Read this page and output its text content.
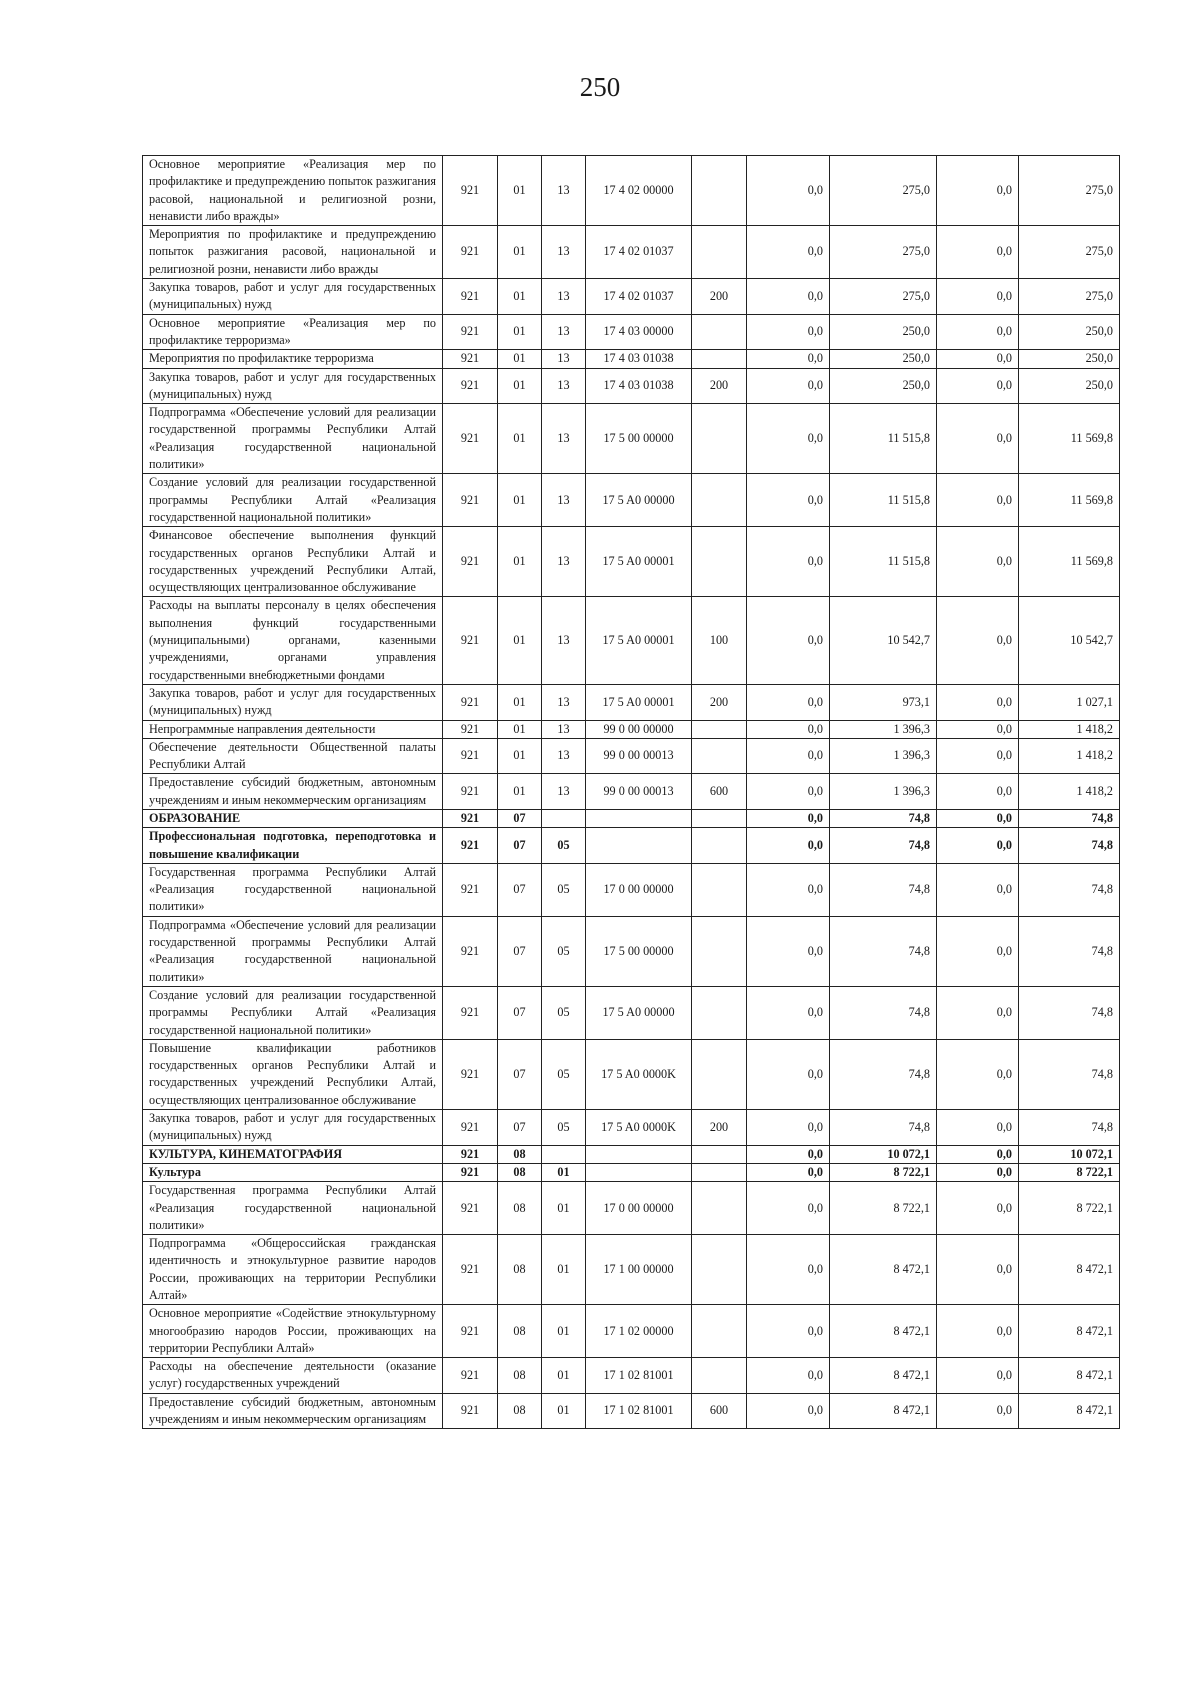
250
Основное мероприятие «Реализация мер по профилактике и предупреждению попыток разжигания расовой, национальной и религиозной розни, ненависти либо вражды»	921	01	13	17 4 02 00000		0,0	275,0	0,0	275,0
Мероприятия по профилактике и предупреждению попыток разжигания расовой, национальной и религиозной розни, ненависти либо вражды	921	01	13	17 4 02 01037		0,0	275,0	0,0	275,0
Закупка товаров, работ и услуг для государственных (муниципальных) нужд	921	01	13	17 4 02 01037	200	0,0	275,0	0,0	275,0
Основное мероприятие «Реализация мер по профилактике терроризма»	921	01	13	17 4 03 00000		0,0	250,0	0,0	250,0
Мероприятия по профилактике терроризма	921	01	13	17 4 03 01038		0,0	250,0	0,0	250,0
Закупка товаров, работ и услуг для государственных (муниципальных) нужд	921	01	13	17 4 03 01038	200	0,0	250,0	0,0	250,0
Подпрограмма «Обеспечение условий для реализации государственной программы Республики Алтай «Реализация государственной национальной политики»	921	01	13	17 5 00 00000		0,0	11 515,8	0,0	11 569,8
Создание условий для реализации государственной программы Республики Алтай «Реализация государственной национальной политики»	921	01	13	17 5 A0 00000		0,0	11 515,8	0,0	11 569,8
Финансовое обеспечение выполнения функций государственных органов Республики Алтай и государственных учреждений Республики Алтай, осуществляющих централизованное обслуживание	921	01	13	17 5 A0 00001		0,0	11 515,8	0,0	11 569,8
Расходы на выплаты персоналу в целях обеспечения выполнения функций государственными (муниципальными) органами, казенными учреждениями, органами управления государственными внебюджетными фондами	921	01	13	17 5 A0 00001	100	0,0	10 542,7	0,0	10 542,7
Закупка товаров, работ и услуг для государственных (муниципальных) нужд	921	01	13	17 5 A0 00001	200	0,0	973,1	0,0	1 027,1
Непрограммные направления деятельности	921	01	13	99 0 00 00000		0,0	1 396,3	0,0	1 418,2
Обеспечение деятельности Общественной палаты Республики Алтай	921	01	13	99 0 00 00013		0,0	1 396,3	0,0	1 418,2
Предоставление субсидий бюджетным, автономным учреждениям и иным некоммерческим организациям	921	01	13	99 0 00 00013	600	0,0	1 396,3	0,0	1 418,2
ОБРАЗОВАНИЕ	921	07				0,0	74,8	0,0	74,8
Профессиональная подготовка, переподготовка и повышение квалификации	921	07	05			0,0	74,8	0,0	74,8
Государственная программа Республики Алтай «Реализация государственной национальной политики»	921	07	05	17 0 00 00000		0,0	74,8	0,0	74,8
Подпрограмма «Обеспечение условий для реализации государственной программы Республики Алтай «Реализация государственной национальной политики»	921	07	05	17 5 00 00000		0,0	74,8	0,0	74,8
Создание условий для реализации государственной программы Республики Алтай «Реализация государственной национальной политики»	921	07	05	17 5 A0 00000		0,0	74,8	0,0	74,8
Повышение квалификации работников государственных органов Республики Алтай и государственных учреждений Республики Алтай, осуществляющих централизованное обслуживание	921	07	05	17 5 A0 0000K		0,0	74,8	0,0	74,8
Закупка товаров, работ и услуг для государственных (муниципальных) нужд	921	07	05	17 5 A0 0000K	200	0,0	74,8	0,0	74,8
КУЛЬТУРА, КИНЕМАТОГРАФИЯ	921	08				0,0	10 072,1	0,0	10 072,1
Культура	921	08	01			0,0	8 722,1	0,0	8 722,1
Государственная программа Республики Алтай «Реализация государственной национальной политики»	921	08	01	17 0 00 00000		0,0	8 722,1	0,0	8 722,1
Подпрограмма «Общероссийская гражданская идентичность и этнокультурное развитие народов России, проживающих на территории Республики Алтай»	921	08	01	17 1 00 00000		0,0	8 472,1	0,0	8 472,1
Основное мероприятие «Содействие этнокультурному многообразию народов России, проживающих на территории Республики Алтай»	921	08	01	17 1 02 00000		0,0	8 472,1	0,0	8 472,1
Расходы на обеспечение деятельности (оказание услуг) государственных учреждений	921	08	01	17 1 02 81001		0,0	8 472,1	0,0	8 472,1
Предоставление субсидий бюджетным, автономным учреждениям и иным некоммерческим организациям	921	08	01	17 1 02 81001	600	0,0	8 472,1	0,0	8 472,1
